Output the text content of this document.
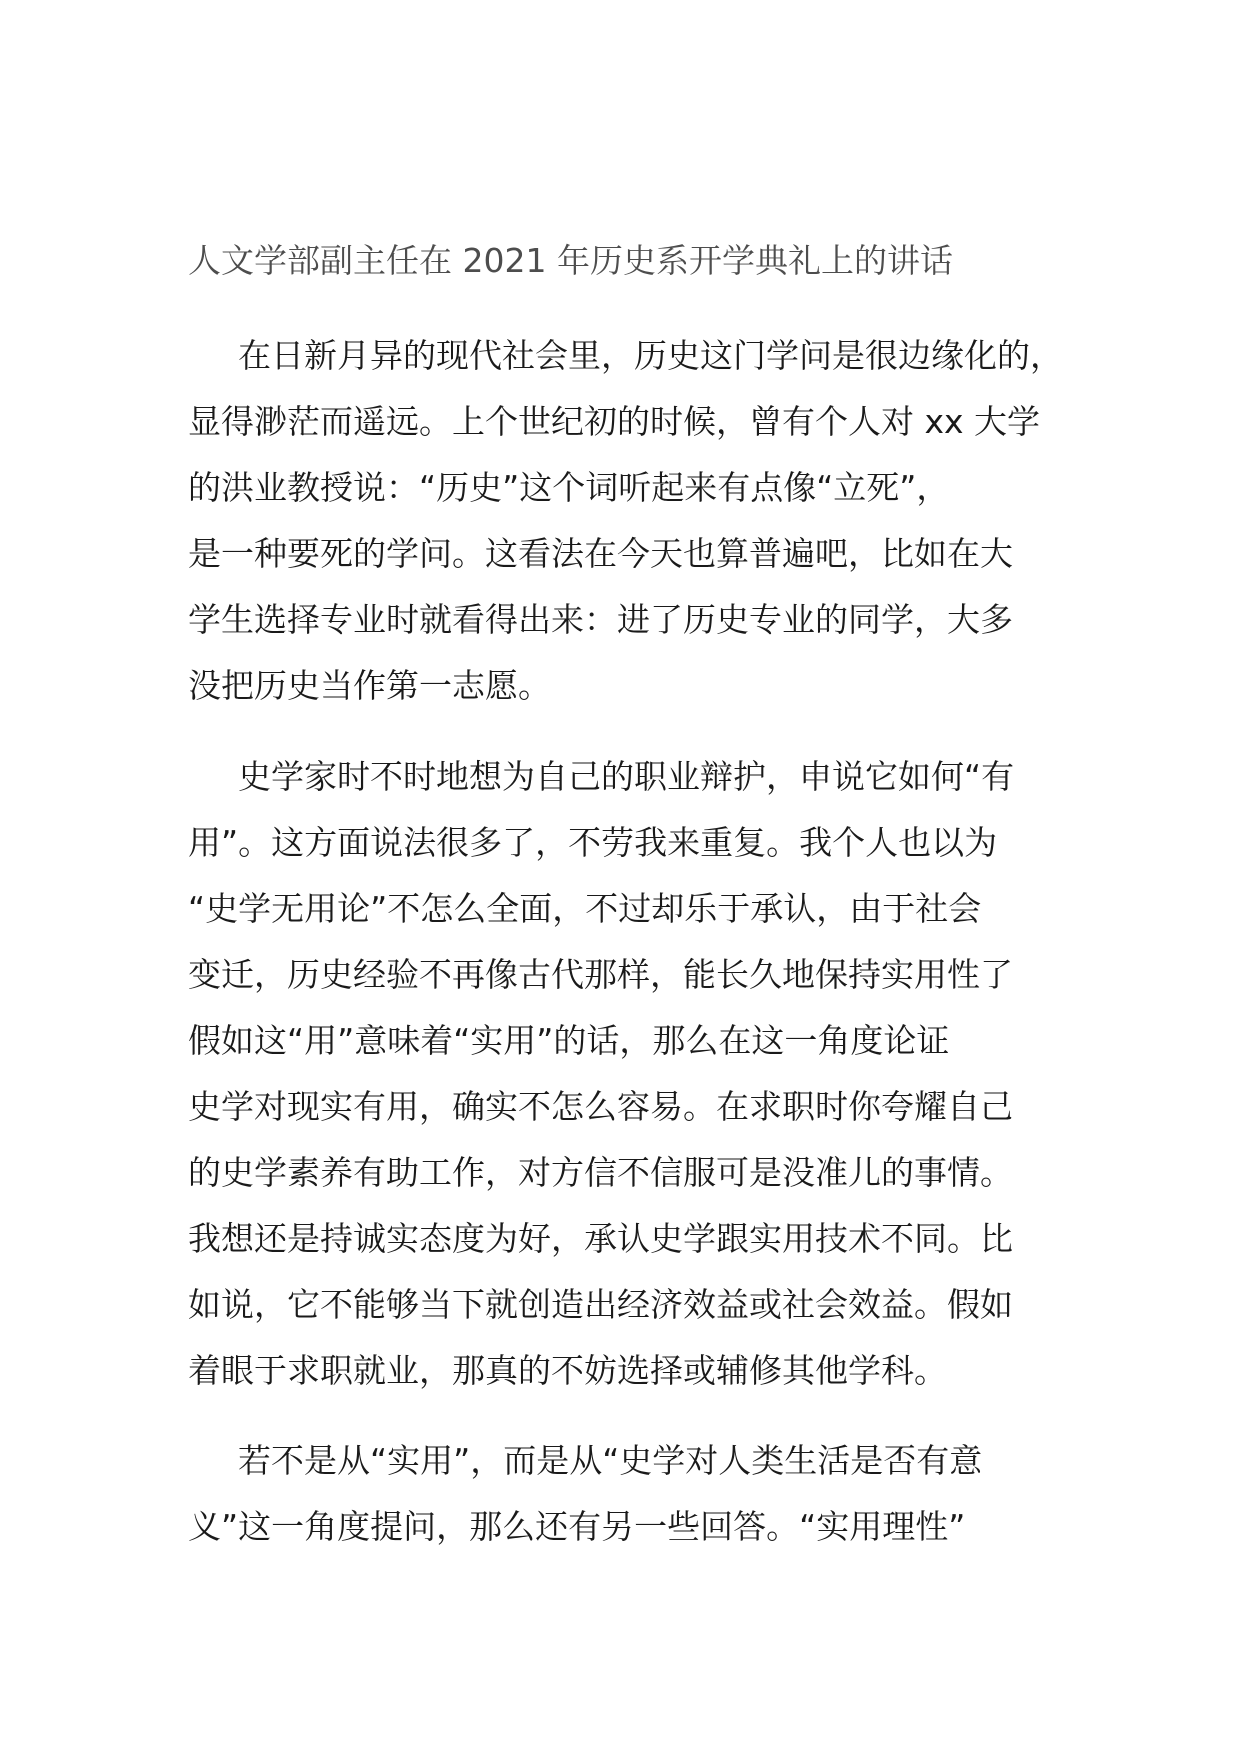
人文学部副主任在 2021 年历史系开学典礼上的讲话
在日新月异的现代社会里，历史这门学问是很边缘化的，
显得渺茫而遥远。上个世纪初的时候，曾有个人对 xx 大学
的洪业教授说：“历史”这个词听起来有点像“立死”，
是一种要死的学问。这看法在今天也算普遍吧，比如在大
学生选择专业时就看得出来：进了历史专业的同学，大多
没把历史当作第一志愿。
史学家时不时地想为自己的职业辩护，申说它如何“有
用”。这方面说法很多了，不劳我来重复。我个人也以为
“史学无用论”不怎么全面，不过却乐于承认，由于社会
变迁，历史经验不再像古代那样，能长久地保持实用性了
假如这“用”意味着“实用”的话，那么在这一角度论证
史学对现实有用，确实不怎么容易。在求职时你夸耀自己
的史学素养有助工作，对方信不信服可是没准儿的事情。
我想还是持诚实态度为好，承认史学跟实用技术不同。比
如说，它不能够当下就创造出经济效益或社会效益。假如
着眼于求职就业，那真的不妨选择或辅修其他学科。
若不是从“实用”，而是从“史学对人类生活是否有意
义”这一角度提问，那么还有另一些回答。“实用理性”
